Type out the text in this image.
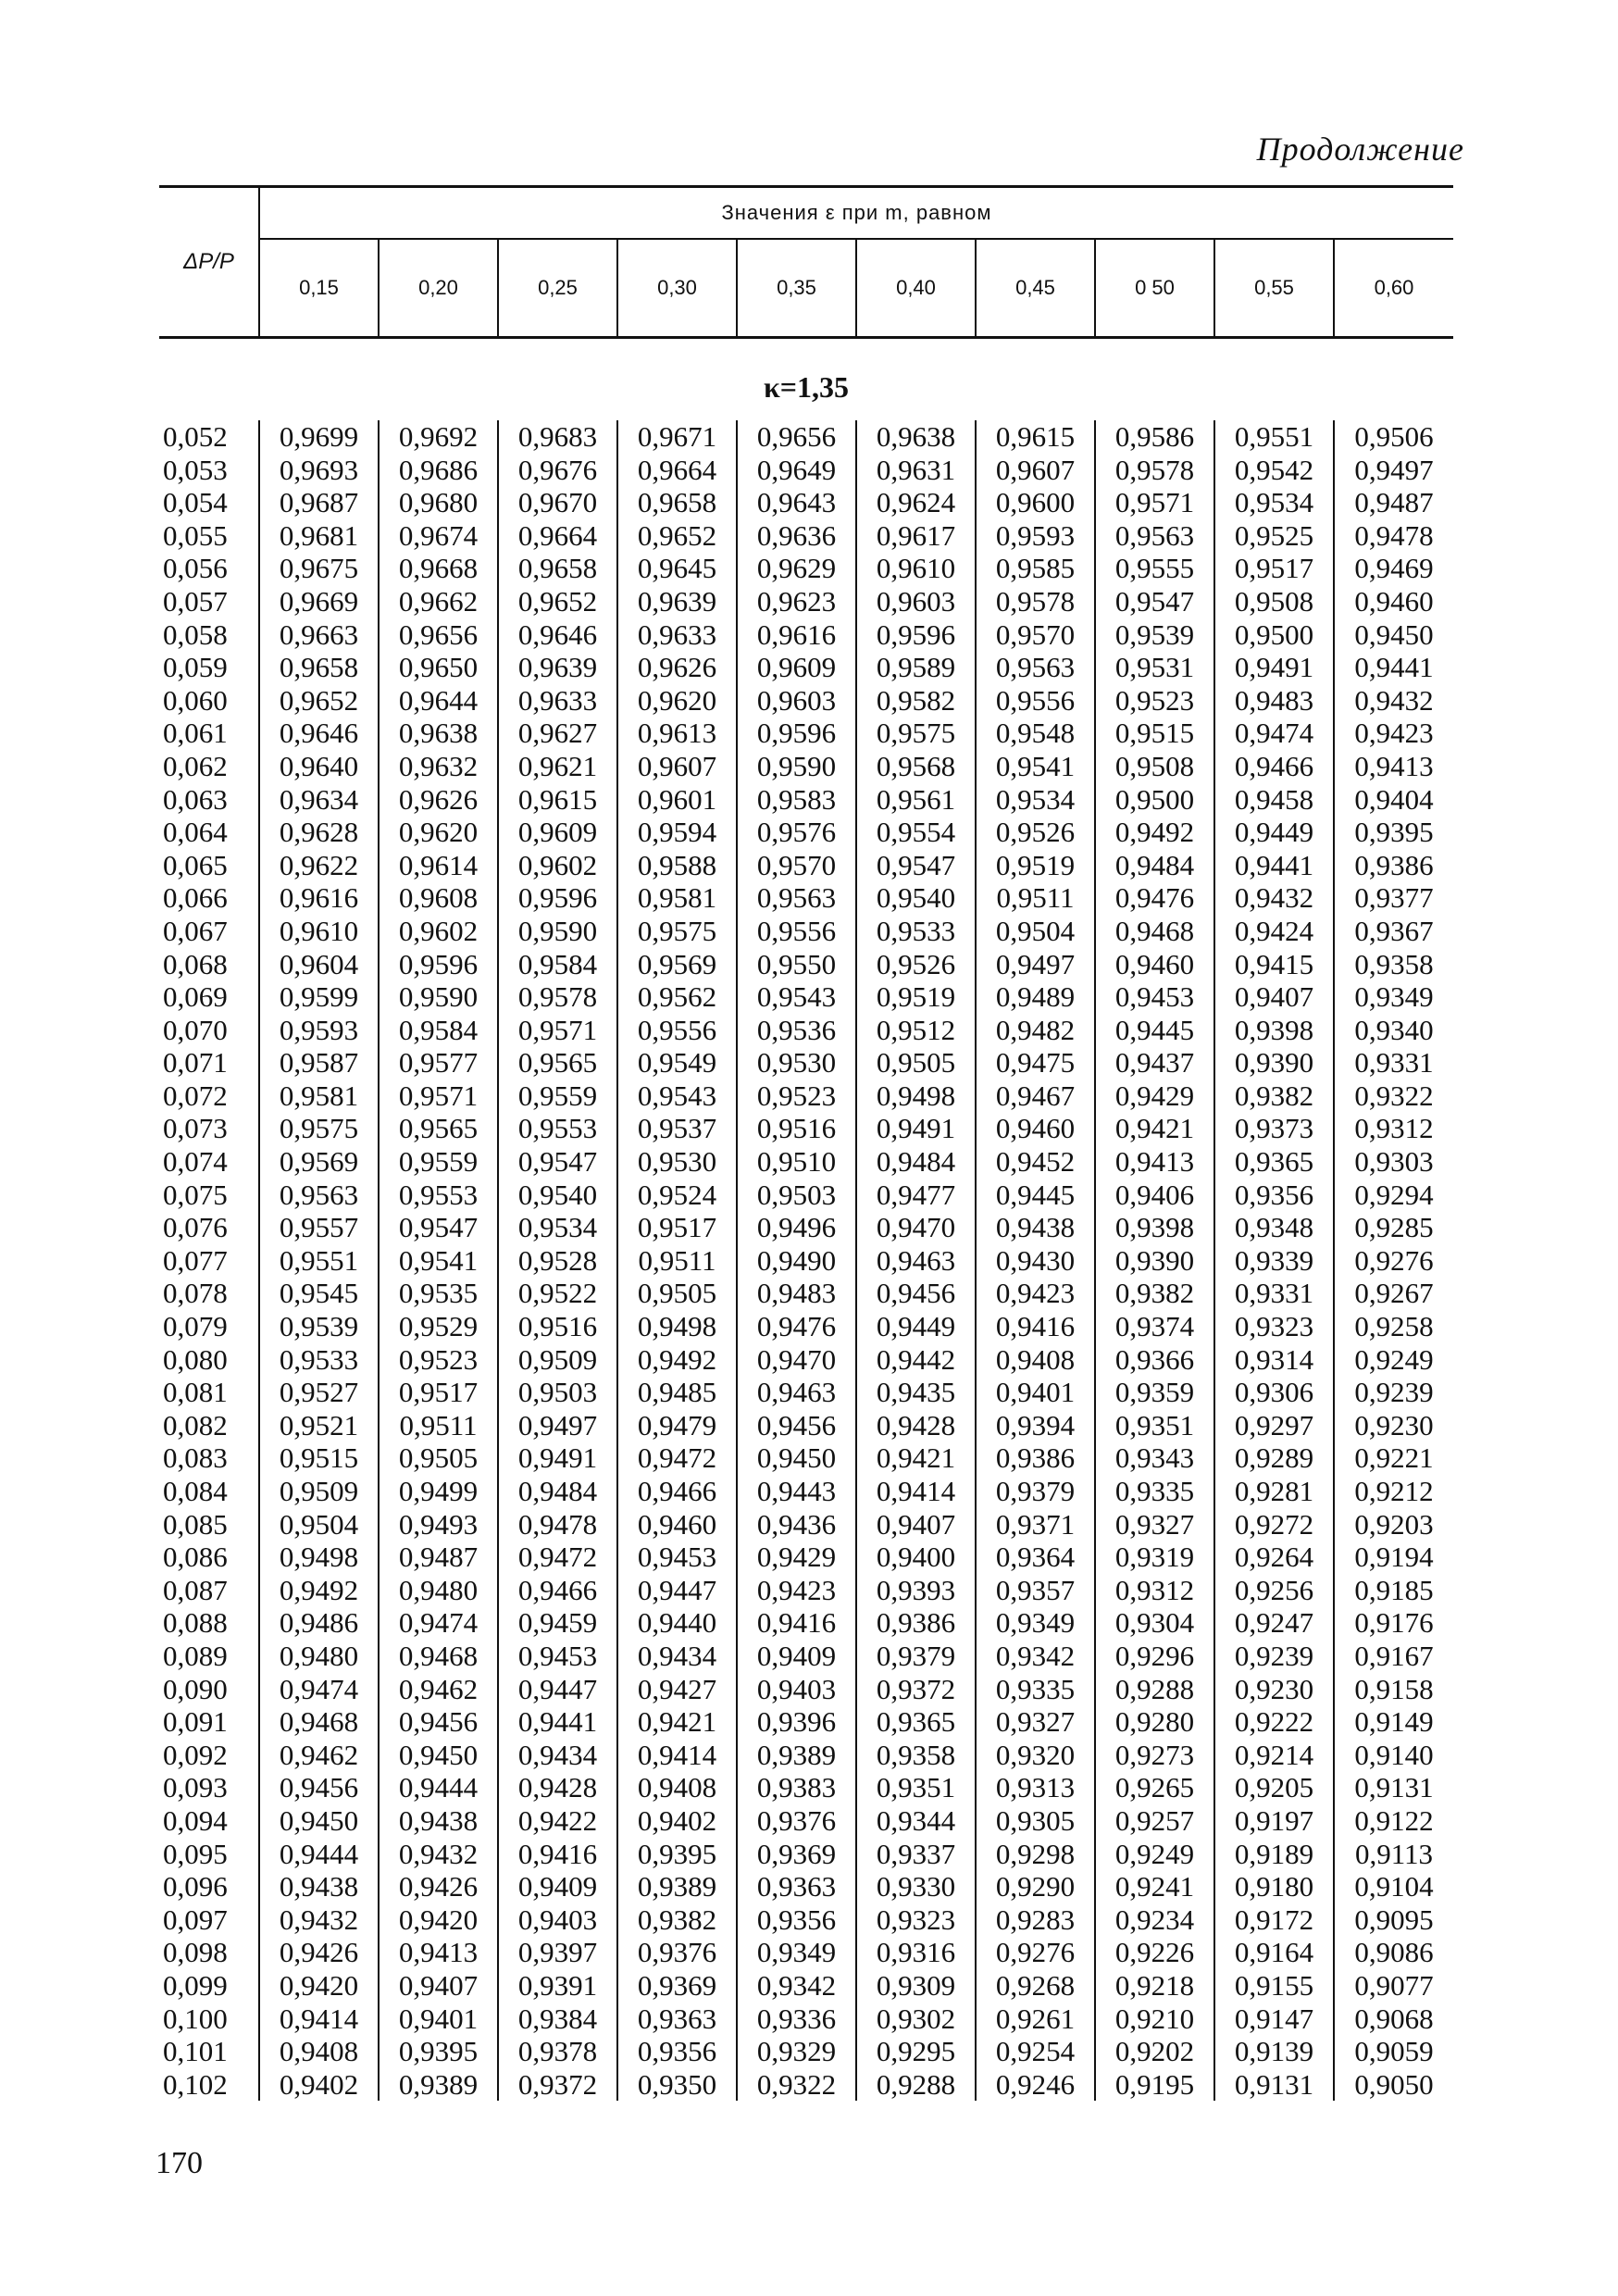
Продолжение

ΔP/P	Значения ε при m, равном									
	0,15	0,20	0,25	0,30	0,35	0,40	0,45	0 50	0,55	0,60
κ=1,35										
0,052	0,9699	0,9692	0,9683	0,9671	0,9656	0,9638	0,9615	0,9586	0,9551	0,9506
0,053	0,9693	0,9686	0,9676	0,9664	0,9649	0,9631	0,9607	0,9578	0,9542	0,9497
0,054	0,9687	0,9680	0,9670	0,9658	0,9643	0,9624	0,9600	0,9571	0,9534	0,9487
0,055	0,9681	0,9674	0,9664	0,9652	0,9636	0,9617	0,9593	0,9563	0,9525	0,9478
0,056	0,9675	0,9668	0,9658	0,9645	0,9629	0,9610	0,9585	0,9555	0,9517	0,9469
0,057	0,9669	0,9662	0,9652	0,9639	0,9623	0,9603	0,9578	0,9547	0,9508	0,9460
0,058	0,9663	0,9656	0,9646	0,9633	0,9616	0,9596	0,9570	0,9539	0,9500	0,9450
0,059	0,9658	0,9650	0,9639	0,9626	0,9609	0,9589	0,9563	0,9531	0,9491	0,9441
0,060	0,9652	0,9644	0,9633	0,9620	0,9603	0,9582	0,9556	0,9523	0,9483	0,9432
0,061	0,9646	0,9638	0,9627	0,9613	0,9596	0,9575	0,9548	0,9515	0,9474	0,9423
0,062	0,9640	0,9632	0,9621	0,9607	0,9590	0,9568	0,9541	0,9508	0,9466	0,9413
0,063	0,9634	0,9626	0,9615	0,9601	0,9583	0,9561	0,9534	0,9500	0,9458	0,9404
0,064	0,9628	0,9620	0,9609	0,9594	0,9576	0,9554	0,9526	0,9492	0,9449	0,9395
0,065	0,9622	0,9614	0,9602	0,9588	0,9570	0,9547	0,9519	0,9484	0,9441	0,9386
0,066	0,9616	0,9608	0,9596	0,9581	0,9563	0,9540	0,9511	0,9476	0,9432	0,9377
0,067	0,9610	0,9602	0,9590	0,9575	0,9556	0,9533	0,9504	0,9468	0,9424	0,9367
0,068	0,9604	0,9596	0,9584	0,9569	0,9550	0,9526	0,9497	0,9460	0,9415	0,9358
0,069	0,9599	0,9590	0,9578	0,9562	0,9543	0,9519	0,9489	0,9453	0,9407	0,9349
0,070	0,9593	0,9584	0,9571	0,9556	0,9536	0,9512	0,9482	0,9445	0,9398	0,9340
0,071	0,9587	0,9577	0,9565	0,9549	0,9530	0,9505	0,9475	0,9437	0,9390	0,9331
0,072	0,9581	0,9571	0,9559	0,9543	0,9523	0,9498	0,9467	0,9429	0,9382	0,9322
0,073	0,9575	0,9565	0,9553	0,9537	0,9516	0,9491	0,9460	0,9421	0,9373	0,9312
0,074	0,9569	0,9559	0,9547	0,9530	0,9510	0,9484	0,9452	0,9413	0,9365	0,9303
0,075	0,9563	0,9553	0,9540	0,9524	0,9503	0,9477	0,9445	0,9406	0,9356	0,9294
0,076	0,9557	0,9547	0,9534	0,9517	0,9496	0,9470	0,9438	0,9398	0,9348	0,9285
0,077	0,9551	0,9541	0,9528	0,9511	0,9490	0,9463	0,9430	0,9390	0,9339	0,9276
0,078	0,9545	0,9535	0,9522	0,9505	0,9483	0,9456	0,9423	0,9382	0,9331	0,9267
0,079	0,9539	0,9529	0,9516	0,9498	0,9476	0,9449	0,9416	0,9374	0,9323	0,9258
0,080	0,9533	0,9523	0,9509	0,9492	0,9470	0,9442	0,9408	0,9366	0,9314	0,9249
0,081	0,9527	0,9517	0,9503	0,9485	0,9463	0,9435	0,9401	0,9359	0,9306	0,9239
0,082	0,9521	0,9511	0,9497	0,9479	0,9456	0,9428	0,9394	0,9351	0,9297	0,9230
0,083	0,9515	0,9505	0,9491	0,9472	0,9450	0,9421	0,9386	0,9343	0,9289	0,9221
0,084	0,9509	0,9499	0,9484	0,9466	0,9443	0,9414	0,9379	0,9335	0,9281	0,9212
0,085	0,9504	0,9493	0,9478	0,9460	0,9436	0,9407	0,9371	0,9327	0,9272	0,9203
0,086	0,9498	0,9487	0,9472	0,9453	0,9429	0,9400	0,9364	0,9319	0,9264	0,9194
0,087	0,9492	0,9480	0,9466	0,9447	0,9423	0,9393	0,9357	0,9312	0,9256	0,9185
0,088	0,9486	0,9474	0,9459	0,9440	0,9416	0,9386	0,9349	0,9304	0,9247	0,9176
0,089	0,9480	0,9468	0,9453	0,9434	0,9409	0,9379	0,9342	0,9296	0,9239	0,9167
0,090	0,9474	0,9462	0,9447	0,9427	0,9403	0,9372	0,9335	0,9288	0,9230	0,9158
0,091	0,9468	0,9456	0,9441	0,9421	0,9396	0,9365	0,9327	0,9280	0,9222	0,9149
0,092	0,9462	0,9450	0,9434	0,9414	0,9389	0,9358	0,9320	0,9273	0,9214	0,9140
0,093	0,9456	0,9444	0,9428	0,9408	0,9383	0,9351	0,9313	0,9265	0,9205	0,9131
0,094	0,9450	0,9438	0,9422	0,9402	0,9376	0,9344	0,9305	0,9257	0,9197	0,9122
0,095	0,9444	0,9432	0,9416	0,9395	0,9369	0,9337	0,9298	0,9249	0,9189	0,9113
0,096	0,9438	0,9426	0,9409	0,9389	0,9363	0,9330	0,9290	0,9241	0,9180	0,9104
0,097	0,9432	0,9420	0,9403	0,9382	0,9356	0,9323	0,9283	0,9234	0,9172	0,9095
0,098	0,9426	0,9413	0,9397	0,9376	0,9349	0,9316	0,9276	0,9226	0,9164	0,9086
0,099	0,9420	0,9407	0,9391	0,9369	0,9342	0,9309	0,9268	0,9218	0,9155	0,9077
0,100	0,9414	0,9401	0,9384	0,9363	0,9336	0,9302	0,9261	0,9210	0,9147	0,9068
0,101	0,9408	0,9395	0,9378	0,9356	0,9329	0,9295	0,9254	0,9202	0,9139	0,9059
0,102	0,9402	0,9389	0,9372	0,9350	0,9322	0,9288	0,9246	0,9195	0,9131	0,9050
170
